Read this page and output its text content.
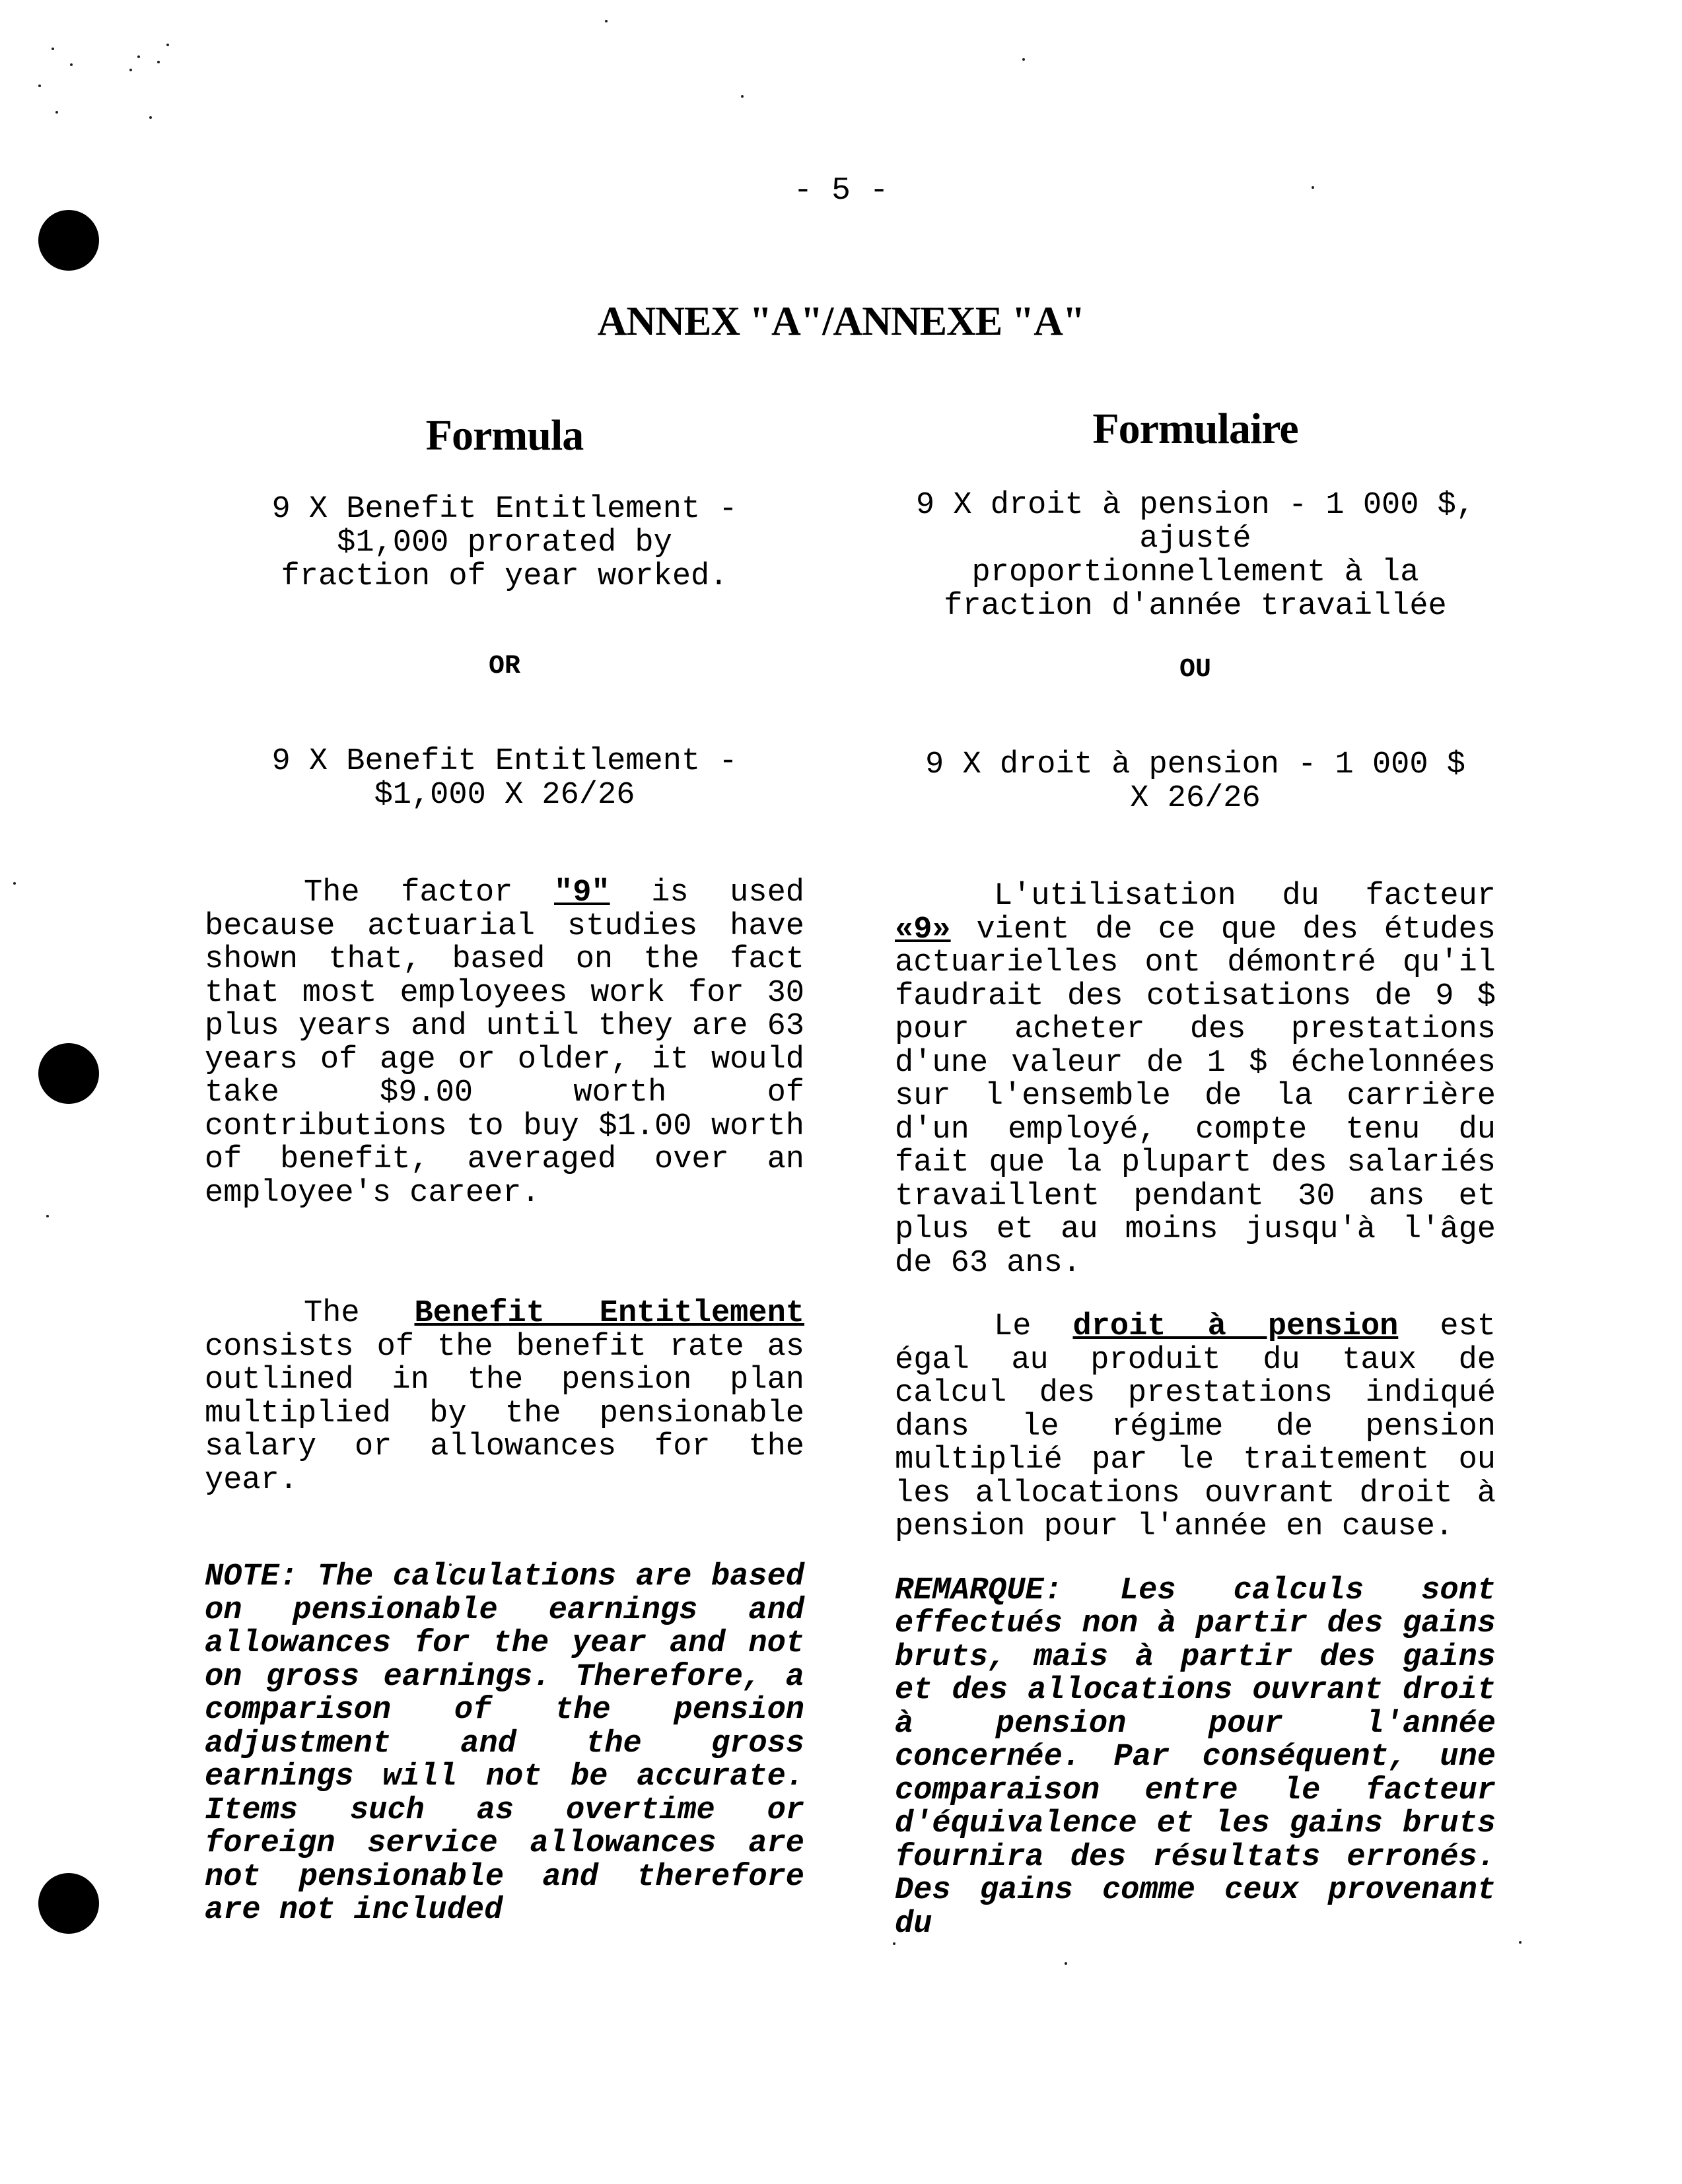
- 5 -
ANNEX "A"/ANNEXE "A"
Formula
9 X Benefit Entitlement -
$1,000 prorated by
fraction of year worked.
OR
9 X Benefit Entitlement -
$1,000 X 26/26
The factor "9" is used because actuarial studies have shown that, based on the fact that most employees work for 30 plus years and until they are 63 years of age or older, it would take $9.00 worth of contributions to buy $1.00 worth of benefit, averaged over an employee's career.
The Benefit Entitlement consists of the benefit rate as outlined in the pension plan multiplied by the pensionable salary or allowances for the year.
NOTE: The calculations are based on pensionable earnings and allowances for the year and not on gross earnings. Therefore, a comparison of the pension adjustment and the gross earnings will not be accurate. Items such as overtime or foreign service allowances are not pensionable and therefore are not included
Formulaire
9 X droit à pension - 1 000 $,
ajusté
proportionnellement à la
fraction d'année travaillée
OU
9 X droit à pension - 1 000 $
X 26/26
L'utilisation du facteur «9» vient de ce que des études actuarielles ont démontré qu'il faudrait des cotisations de 9 $ pour acheter des prestations d'une valeur de 1 $ échelonnées sur l'ensemble de la carrière d'un employé, compte tenu du fait que la plupart des salariés travaillent pendant 30 ans et plus et au moins jusqu'à l'âge de 63 ans.
Le droit à pension est égal au produit du taux de calcul des prestations indiqué dans le régime de pension multiplié par le traitement ou les allocations ouvrant droit à pension pour l'année en cause.
REMARQUE: Les calculs sont effectués non à partir des gains bruts, mais à partir des gains et des allocations ouvrant droit à pension pour l'année concernée. Par conséquent, une comparaison entre le facteur d'équivalence et les gains bruts fournira des résultats erronés. Des gains comme ceux provenant du
